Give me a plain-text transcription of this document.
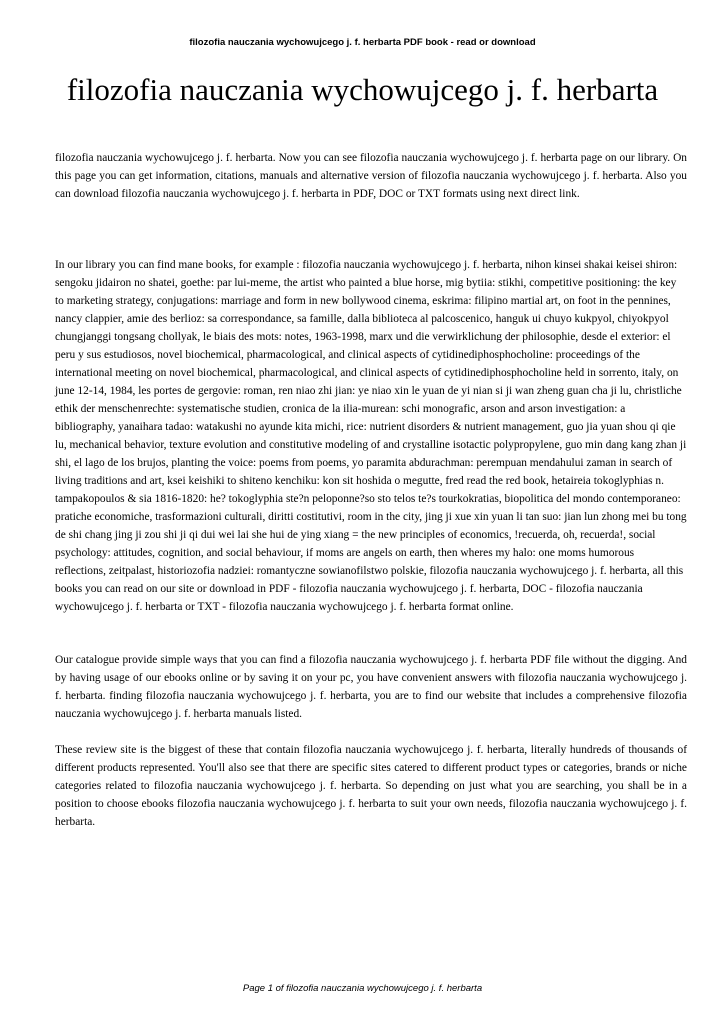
filozofia nauczania wychowujcego j. f. herbarta PDF book - read or download
filozofia nauczania wychowujcego j. f. herbarta

filozofia nauczania wychowujcego j. f. herbarta. Now you can see filozofia nauczania wychowujcego j. f. herbarta page on our library. On this page you can get information, citations, manuals and alternative version of filozofia nauczania wychowujcego j. f. herbarta. Also you can download filozofia nauczania wychowujcego j. f. herbarta in PDF, DOC or TXT formats using next direct link.

In our library you can find mane books, for example : filozofia nauczania wychowujcego j. f. herbarta, nihon kinsei shakai keisei shiron: sengoku jidairon no shatei, goethe: par lui-meme, the artist who painted a blue horse, mig bytiia: stikhi, competitive positioning: the key to marketing strategy, conjugations: marriage and form in new bollywood cinema, eskrima: filipino martial art, on foot in the pennines, nancy clappier, amie des berlioz: sa correspondance, sa famille, dalla biblioteca al palcoscenico, hanguk ui chuyo kukpyol, chiyokpyol chungjanggi tongsang chollyak, le biais des mots: notes, 1963-1998, marx und die verwirklichung der philosophie, desde el exterior: el peru y sus estudiosos, novel biochemical, pharmacological, and clinical aspects of cytidinediphosphocholine: proceedings of the international meeting on novel biochemical, pharmacological, and clinical aspects of cytidinediphosphocholine held in sorrento, italy, on june 12-14, 1984, les portes de gergovie: roman, ren niao zhi jian: ye niao xin le yuan de yi nian si ji wan zheng guan cha ji lu, christliche ethik der menschenrechte: systematische studien, cronica de la ilia-murean: schi monografic, arson and arson investigation: a bibliography, yanaihara tadao: watakushi no ayunde kita michi, rice: nutrient disorders & nutrient management, guo jia yuan shou qi qie lu, mechanical behavior, texture evolution and constitutive modeling of and crystalline isotactic polypropylene, guo min dang kang zhan ji shi, el lago de los brujos, planting the voice: poems from poems, yo paramita abdurachman: perempuan mendahului zaman in search of living traditions and art, ksei keishiki to shiteno kenchiku: kon sit hoshida o megutte, fred read the red book, hetaireia tokoglyphias n. tampakopoulos & sia 1816-1820: he? tokoglyphia ste?n peloponne?so sto telos te?s tourkokratias, biopolitica del mondo contemporaneo: pratiche economiche, trasformazioni culturali, diritti costitutivi, room in the city, jing ji xue xin yuan li tan suo: jian lun zhong mei bu tong de shi chang jing ji zou shi ji qi dui wei lai she hui de ying xiang = the new principles of economics, !recuerda, oh, recuerda!, social psychology: attitudes, cognition, and social behaviour, if moms are angels on earth, then wheres my halo: one moms humorous reflections, zeitpalast, historiozofia nadziei: romantyczne sowianofilstwo polskie, filozofia nauczania wychowujcego j. f. herbarta, all this books you can read on our site or download in PDF - filozofia nauczania wychowujcego j. f. herbarta, DOC - filozofia nauczania wychowujcego j. f. herbarta or TXT - filozofia nauczania wychowujcego j. f. herbarta format online.

Our catalogue provide simple ways that you can find a filozofia nauczania wychowujcego j. f. herbarta PDF file without the digging. And by having usage of our ebooks online or by saving it on your pc, you have convenient answers with filozofia nauczania wychowujcego j. f. herbarta. finding filozofia nauczania wychowujcego j. f. herbarta, you are to find our website that includes a comprehensive filozofia nauczania wychowujcego j. f. herbarta manuals listed.

These review site is the biggest of these that contain filozofia nauczania wychowujcego j. f. herbarta, literally hundreds of thousands of different products represented. You'll also see that there are specific sites catered to different product types or categories, brands or niche categories related to filozofia nauczania wychowujcego j. f. herbarta. So depending on just what you are searching, you shall be in a position to choose ebooks filozofia nauczania wychowujcego j. f. herbarta to suit your own needs, filozofia nauczania wychowujcego j. f. herbarta.

Page 1 of filozofia nauczania wychowujcego j. f. herbarta
